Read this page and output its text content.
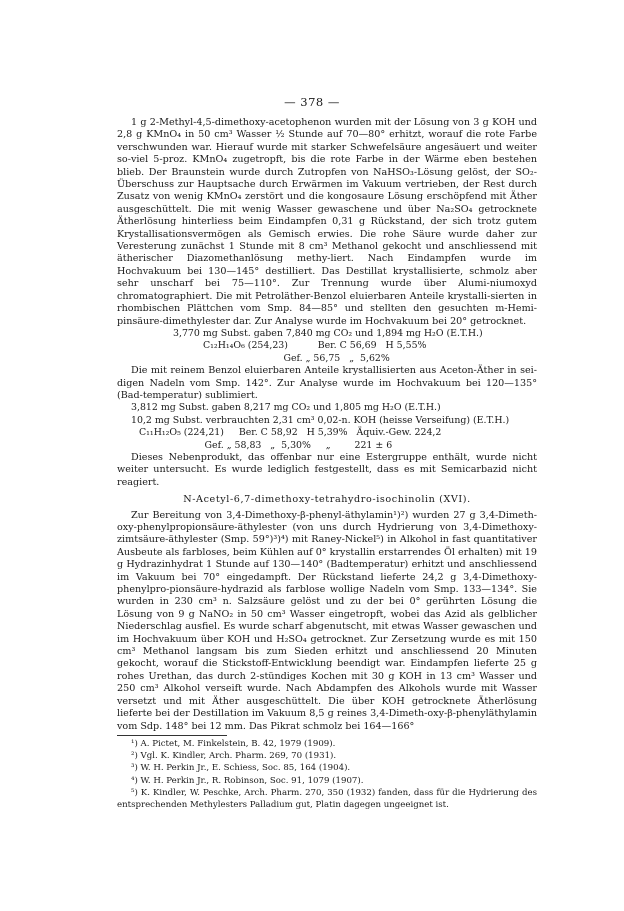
— 378 —

1 g 2-Methyl-4,5-dimethoxy-acetophenon wurden mit der Lösung von 3 g KOH und 2,8 g KMnO₄ in 50 cm³ Wasser ½ Stunde auf 70—80° erhitzt, worauf die rote Farbe verschwunden war. Hierauf wurde mit starker Schwefelsäure angesäuert und weiter so-viel 5-proz. KMnO₄ zugetropft, bis die rote Farbe in der Wärme eben bestehen blieb. Der Braunstein wurde durch Zutropfen von NaHSO₃-Lösung gelöst, der SO₂-Überschuss zur Hauptsache durch Erwärmen im Vakuum vertrieben, der Rest durch Zusatz von wenig KMnO₄ zerstört und die kongosaure Lösung erschöpfend mit Äther ausgeschüttelt. Die mit wenig Wasser gewaschene und über Na₂SO₄ getrocknete Ätherlösung hinterliess beim Eindampfen 0,31 g Rückstand, der sich trotz gutem Krystallisationsvermögen als Gemisch erwies. Die rohe Säure wurde daher zur Veresterung zunächst 1 Stunde mit 8 cm³ Methanol gekocht und anschliessend mit ätherischer Diazomethanlösung methy-liert. Nach Eindampfen wurde im Hochvakuum bei 130—145° destilliert. Das Destillat krystallisierte, schmolz aber sehr unscharf bei 75—110°. Zur Trennung wurde über Alumi-niumoxyd chromatographiert. Die mit Petroläther-Benzol eluierbaren Anteile krystalli-sierten in rhombischen Plättchen vom Smp. 84—85° und stellten den gesuchten m-Hemi-pinsäure-dimethylester dar. Zur Analyse wurde im Hochvakuum bei 20° getrocknet.

3,770 mg Subst. gaben 7,840 mg CO₂ und 1,894 mg H₂O (E.T.H.)
C₁₂H₁₄O₆ (254,23)          Ber. C 56,69   H 5,55%
Gef. „ 56,75   „  5,62%

Die mit reinem Benzol eluierbaren Anteile krystallisierten aus Aceton-Äther in sei-digen Nadeln vom Smp. 142°. Zur Analyse wurde im Hochvakuum bei 120—135° (Bad-temperatur) sublimiert.

3,812 mg Subst. gaben 8,217 mg CO₂ und 1,805 mg H₂O (E.T.H.)
10,2 mg Subst. verbrauchten 2,31 cm³ 0,02-n. KOH (heisse Verseifung) (E.T.H.)
C₁₁H₁₂O₅ (224,21)     Ber. C 58,92   H 5,39%   Äquiv.-Gew. 224,2
Gef. „ 58,83   „  5,30%     „        221 ± 6

Dieses Nebenprodukt, das offenbar nur eine Estergruppe enthält, wurde nicht weiter untersucht. Es wurde lediglich festgestellt, dass es mit Semicarbazid nicht reagiert.

N-Acetyl-6,7-dimethoxy-tetrahydro-isochinolin (XVI).

Zur Bereitung von 3,4-Dimethoxy-β-phenyl-äthylamin¹)²) wurden 27 g 3,4-Dimeth-oxy-phenylpropionsäure-äthylester (von uns durch Hydrierung von 3,4-Dimethoxy-zimtsäure-äthylester (Smp. 59°)³)⁴) mit Raney-Nickel⁵) in Alkohol in fast quantitativer Ausbeute als farbloses, beim Kühlen auf 0° krystallin erstarrendes Öl erhalten) mit 19 g Hydrazinhydrat 1 Stunde auf 130—140° (Badtemperatur) erhitzt und anschliessend im Vakuum bei 70° eingedampft. Der Rückstand lieferte 24,2 g 3,4-Dimethoxy-phenylpro-pionsäure-hydrazid als farblose wollige Nadeln vom Smp. 133—134°. Sie wurden in 230 cm³ n. Salzsäure gelöst und zu der bei 0° gerührten Lösung die Lösung von 9 g NaNO₂ in 50 cm³ Wasser eingetropft, wobei das Azid als gelblicher Niederschlag ausfiel. Es wurde scharf abgenutscht, mit etwas Wasser gewaschen und im Hochvakuum über KOH und H₂SO₄ getrocknet. Zur Zersetzung wurde es mit 150 cm³ Methanol langsam bis zum Sieden erhitzt und anschliessend 20 Minuten gekocht, worauf die Stickstoff-Entwicklung beendigt war. Eindampfen lieferte 25 g rohes Urethan, das durch 2-stündiges Kochen mit 30 g KOH in 13 cm³ Wasser und 250 cm³ Alkohol verseift wurde. Nach Abdampfen des Alkohols wurde mit Wasser versetzt und mit Äther ausgeschüttelt. Die über KOH getrocknete Ätherlösung lieferte bei der Destillation im Vakuum 8,5 g reines 3,4-Dimeth-oxy-β-phenyläthylamin vom Sdp. 148° bei 12 mm. Das Pikrat schmolz bei 164—166°

¹) A. Pictet, M. Finkelstein, B. 42, 1979 (1909).

²) Vgl. K. Kindler, Arch. Pharm. 269, 70 (1931).

³) W. H. Perkin Jr., E. Schiess, Soc. 85, 164 (1904).

⁴) W. H. Perkin Jr., R. Robinson, Soc. 91, 1079 (1907).

⁵) K. Kindler, W. Peschke, Arch. Pharm. 270, 350 (1932) fanden, dass für die Hydrierung des entsprechenden Methylesters Palladium gut, Platin dagegen ungeeignet ist.
